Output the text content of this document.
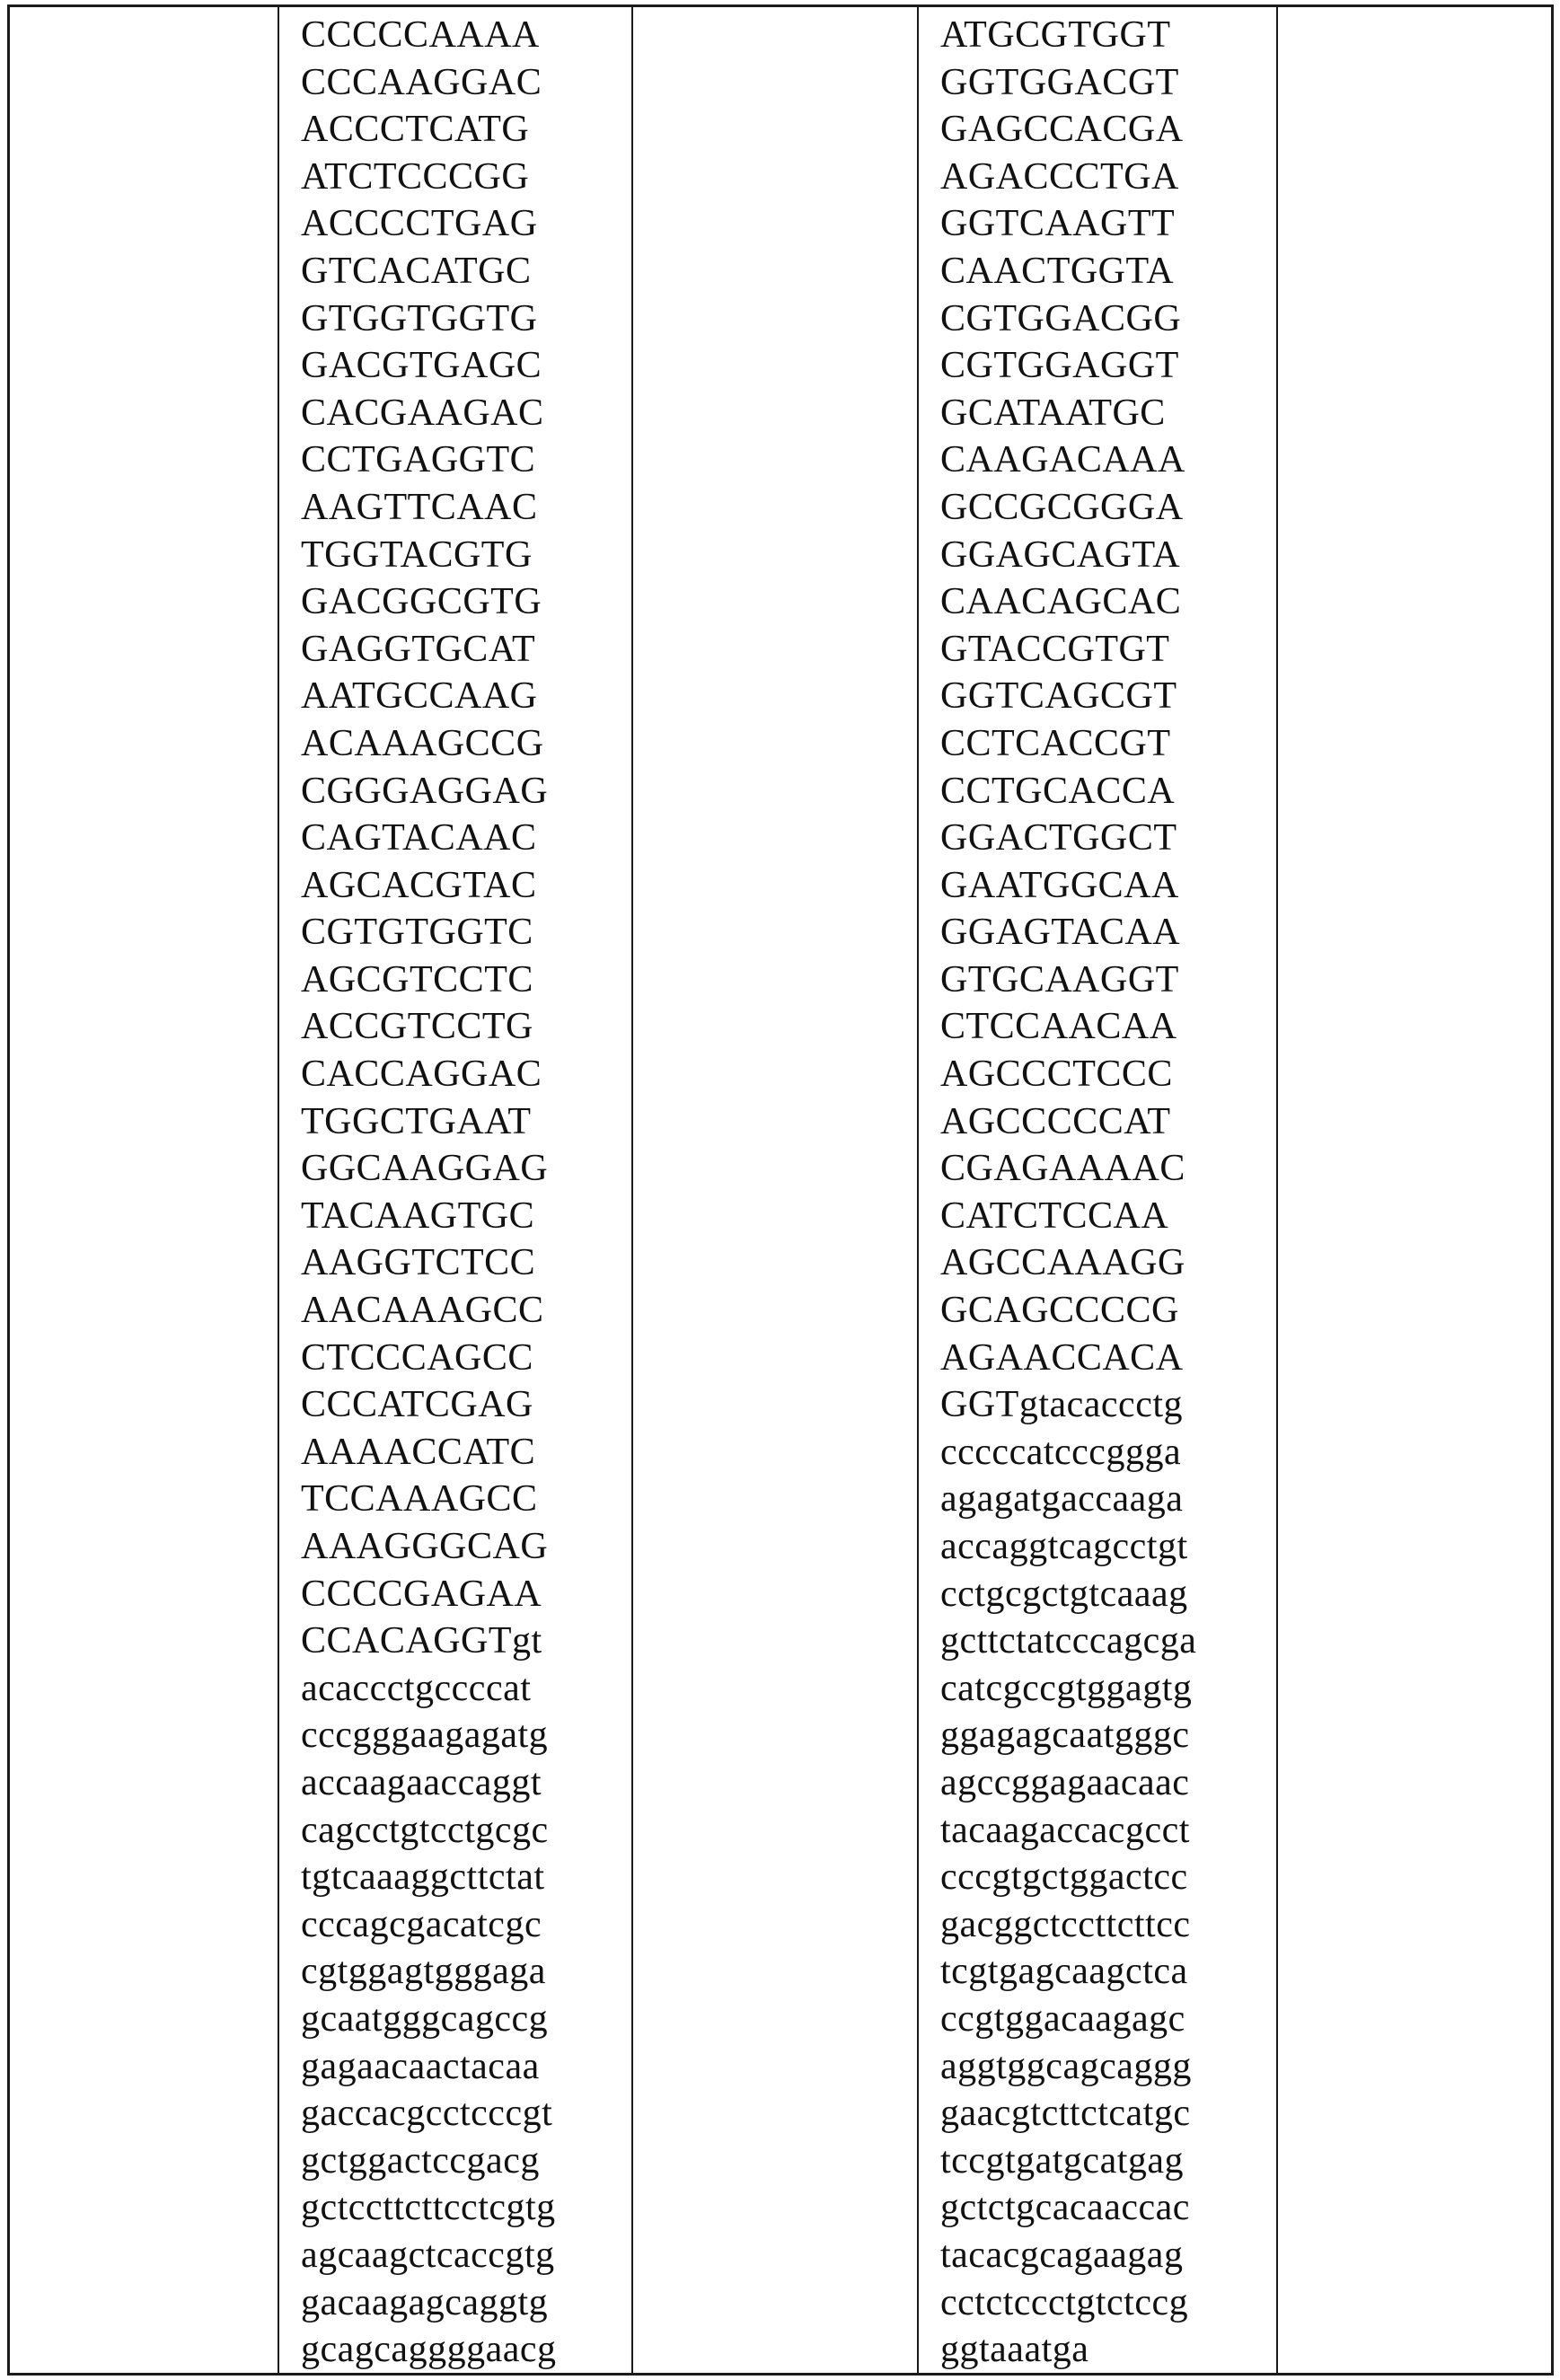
CCCCCAAAA
CCCAAGGAC
ACCCTCATG
ATCTCCCGG
ACCCCTGAG
GTCACATGC
GTGGTGGTG
GACGTGAGC
CACGAAGAC
CCTGAGGTC
AAGTTCAAC
TGGTACGTG
GACGGCGTG
GAGGTGCAT
AATGCCAAG
ACAAAGCCG
CGGGAGGAG
CAGTACAAC
AGCACGTAC
CGTGTGGTC
AGCGTCCTC
ACCGTCCTG
CACCAGGAC
TGGCTGAAT
GGCAAGGAG
TACAAGTGC
AAGGTCTCC
AACAAAGCC
CTCCCAGCC
CCCATCGAG
AAAACCATC
TCCAAAGCC
AAAGGGCAG
CCCCGAGAA
CCACAGGTgt
acaccctgccccat
cccgggaagagatg
accaagaaccaggt
cagcctgtcctgcgc
tgtcaaaggcttctat
cccagcgacatcgc
cgtggagtgggaga
gcaatgggcagccg
gagaacaactacaa
gaccacgcctcccgt
gctggactccgacg
gctccttcttcctcgtg
agcaagctcaccgtg
gacaagagcaggtg
gcagcaggggaacg
ATGCGTGGT
GGTGGACGT
GAGCCACGA
AGACCCTGA
GGTCAAGTT
CAACTGGTA
CGTGGACGG
CGTGGAGGT
GCATAATGC
CAAGACAAA
GCCGCGGGA
GGAGCAGTA
CAACAGCAC
GTACCGTGT
GGTCAGCGT
CCTCACCGT
CCTGCACCA
GGACTGGCT
GAATGGCAA
GGAGTACAA
GTGCAAGGT
CTCCAACAA
AGCCCTCCC
AGCCCCCAT
CGAGAAAAC
CATCTCCAA
AGCCAAAGG
GCAGCCCCG
AGAACCACA
GGTgtacaccctg
cccccatcccggga
agagatgaccaaga
accaggtcagcctgt
cctgcgctgtcaaag
gcttctatcccagcga
catcgccgtggagtg
ggagagcaatgggc
agccggagaacaac
tacaagaccacgcct
cccgtgctggactcc
gacggctccttcttcc
tcgtgagcaagctca
ccgtggacaagagc
aggtggcagcaggg
gaacgtcttctcatgc
tccgtgatgcatgag
gctctgcacaaccac
tacacgcagaagag
cctctccctgtctccg
ggtaaatga
